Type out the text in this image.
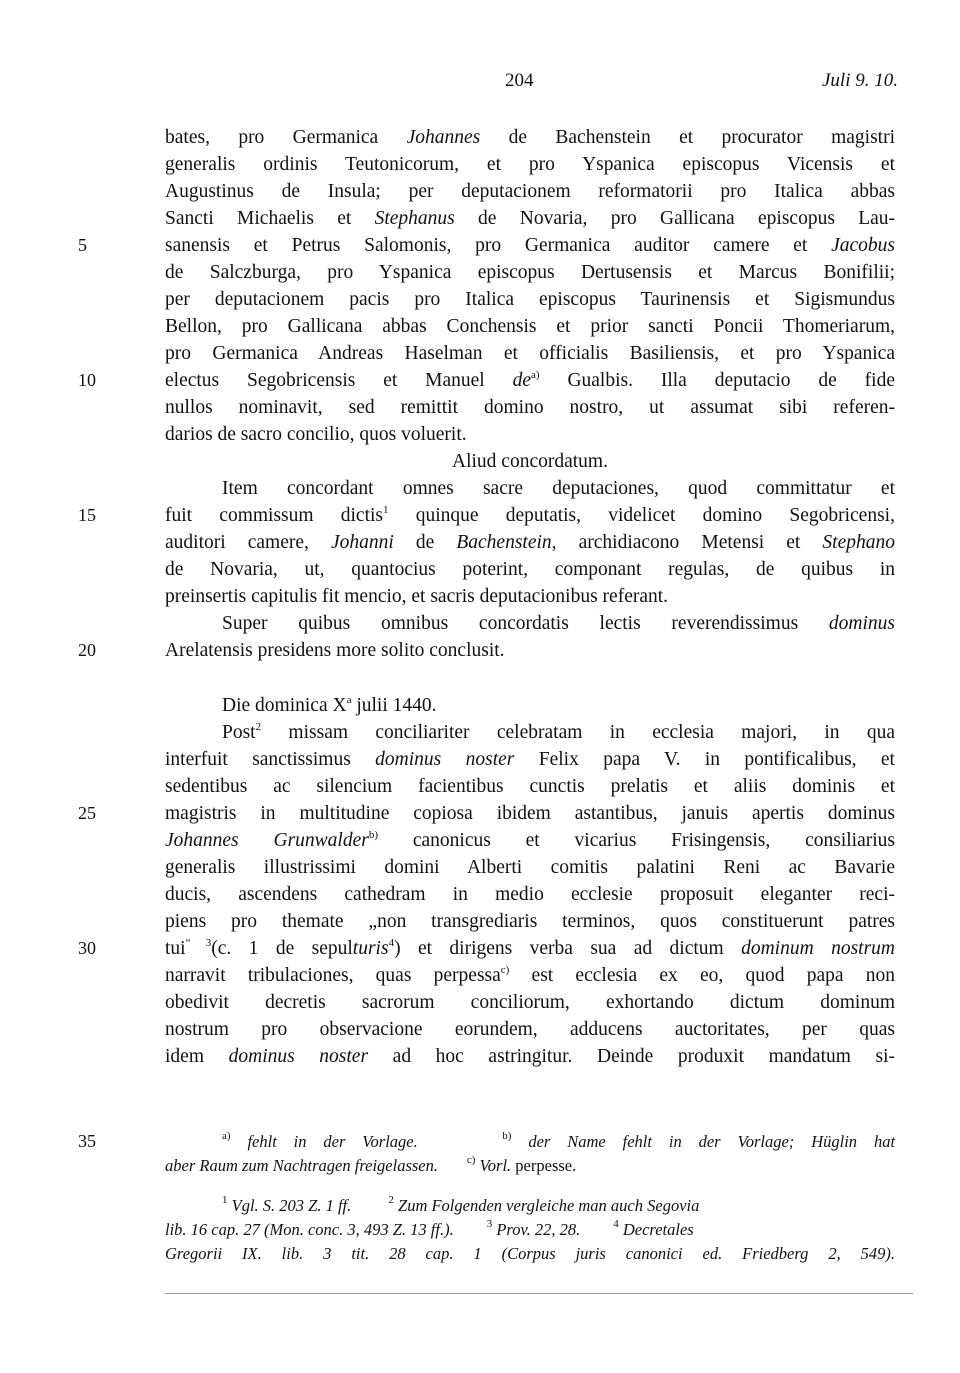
204	Juli 9. 10.
bates, pro Germanica Johannes de Bachenstein et procurator magistri
generalis ordinis Teutonicorum, et pro Yspanica episcopus Vicensis et
Augustinus de Insula; per deputacionem reformatorii pro Italica abbas
Sancti Michaelis et Stephanus de Novaria, pro Gallicana episcopus Lau-
sanensis et Petrus Salomonis, pro Germanica auditor camere et Jacobus
de Salczburga, pro Yspanica episcopus Dertusensis et Marcus Bonifilii;
per deputacionem pacis pro Italica episcopus Taurinensis et Sigismundus
Bellon, pro Gallicana abbas Conchensis et prior sancti Poncii Thomeriarum,
pro Germanica Andreas Haselman et officialis Basiliensis, et pro Yspanica
electus Segobricensis et Manuel $de^{a)}$ Gualbis. Illa deputacio de fide
nullos nominavit, sed remittit domino nostro, ut assumat sibi referen-
darios de sacro concilio, quos voluerit.
Aliud concordatum.
Item concordant omnes sacre deputaciones, quod committatur et
fuit commissum dictis$^1$ quinque deputatis, videlicet domino Segobricensi,
auditori camere, Johanni de Bachenstein, archidiacono Metensi et Stephano
de Novaria, ut, quantocius poterint, componant regulas, de quibus in
preinsertis capitulis fit mencio, et sacris deputacionibus referant.
Super quibus omnibus concordatis lectis reverendissimus dominus
Arelatensis presidens more solito conclusit.
Die dominica $X^a$ julii 1440.
Post$^2$ missam conciliariter celebratam in ecclesia majori, in qua
interfuit sanctissimus dominus noster Felix papa V. in pontificalibus, et
sedentibus ac silencium facientibus cunctis prelatis et aliis dominis et
magistris in multitudine copiosa ibidem astantibus, januis apertis dominus
Johannes Grunwalder$^{b)}$ canonicus et vicarius Frisingensis, consiliarius
generalis illustrissimi domini Alberti comitis palatini Reni ac Bavarie
ducis, ascendens cathedram in medio ecclesie proposuit eleganter reci-
piens pro themate „non transgrediaris terminos, quos constituerunt patres
tui$^{“ 3}$(c. 1 de sepulturis$^4$) et dirigens verba sua ad dictum dominum nostrum
narravit tribulaciones, quas perpessa$^{c)}$ est ecclesia ex eo, quod papa non
obedivit decretis sacrorum conciliorum, exhortando dictum dominum
nostrum pro observacione eorundem, adducens auctoritates, per quas
idem dominus noster ad hoc astringitur. Deinde produxit mandatum si-
5
10
15
20
25
30
35	$^{a)}$ fehlt in der Vorlage.	$^{b)}$ der Name fehlt in der Vorlage; Hüglin hat
aber Raum zum Nachtragen freigelassen.	$^{c)}$ Vorl. perpesse.
$^1$ Vgl. S. 203 Z. 1 ff.	$^2$ Zum Folgenden vergleiche man auch Segovia
lib. 16 cap. 27 (Mon. conc. 3, 493 Z. 13 ff.).	$^3$ Prov. 22, 28.	$^4$ Decretales
Gregorii IX. lib. 3 tit. 28 cap. 1 (Corpus juris canonici ed. Friedberg 2, 549).
